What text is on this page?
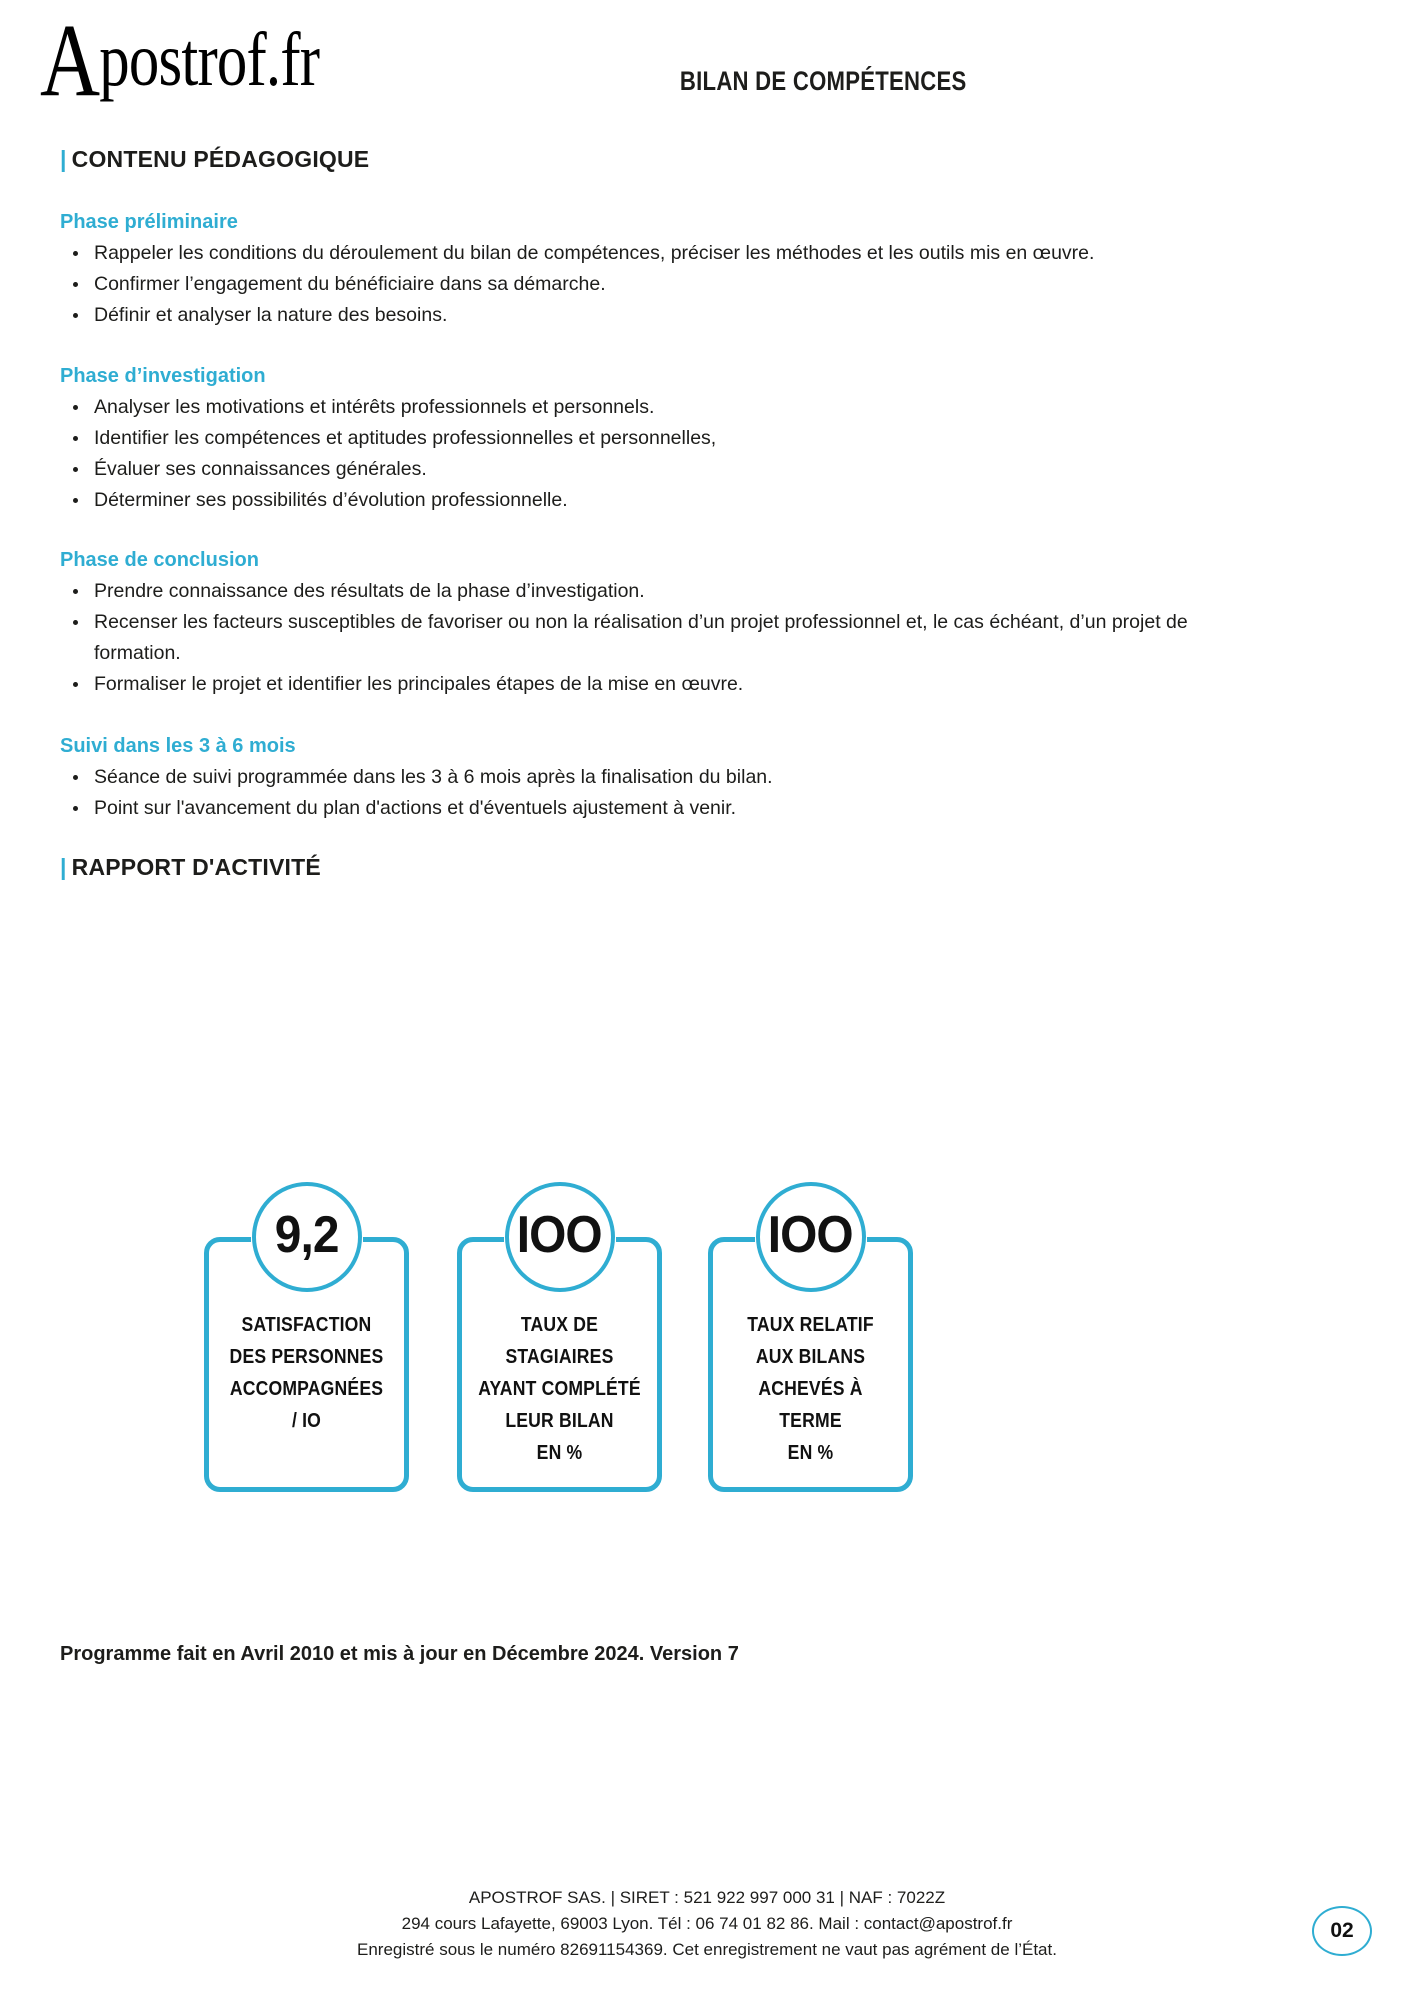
Apostrof.fr	BILAN DE COMPÉTENCES
| CONTENU PÉDAGOGIQUE
Phase préliminaire
Rappeler les conditions du déroulement du bilan de compétences, préciser les méthodes et les outils mis en œuvre.
Confirmer l’engagement du bénéficiaire dans sa démarche.
Définir et analyser la nature des besoins.
Phase d’investigation
Analyser les motivations et intérêts professionnels et personnels.
Identifier les compétences et aptitudes professionnelles et personnelles,
Évaluer ses connaissances générales.
Déterminer ses possibilités d’évolution professionnelle.
Phase de conclusion
Prendre connaissance des résultats de la phase d’investigation.
Recenser les facteurs susceptibles de favoriser ou non la réalisation d’un projet professionnel et, le cas échéant, d’un projet de formation.
Formaliser le projet et identifier les principales étapes de la mise en œuvre.
Suivi dans les 3 à 6 mois
Séance de suivi programmée dans les 3 à 6 mois après la finalisation du bilan.
Point sur l'avancement du plan d'actions et d'éventuels ajustement à venir.
| RAPPORT D'ACTIVITÉ
9,2
SATISFACTION DES PERSONNES ACCOMPAGNÉES
/ IO
IOO
TAUX DE STAGIAIRES AYANT COMPLÉTÉ LEUR BILAN
EN %
IOO
TAUX RELATIF AUX BILANS ACHEVÉS À TERME
EN %
Programme fait en Avril 2010 et mis à jour en Décembre 2024. Version 7
APOSTROF SAS. | SIRET : 521 922 997 000 31 | NAF : 7022Z
294 cours Lafayette, 69003 Lyon. Tél : 06 74 01 82 86. Mail : contact@apostrof.fr
Enregistré sous le numéro 82691154369. Cet enregistrement ne vaut pas agrément de l’État.
02
